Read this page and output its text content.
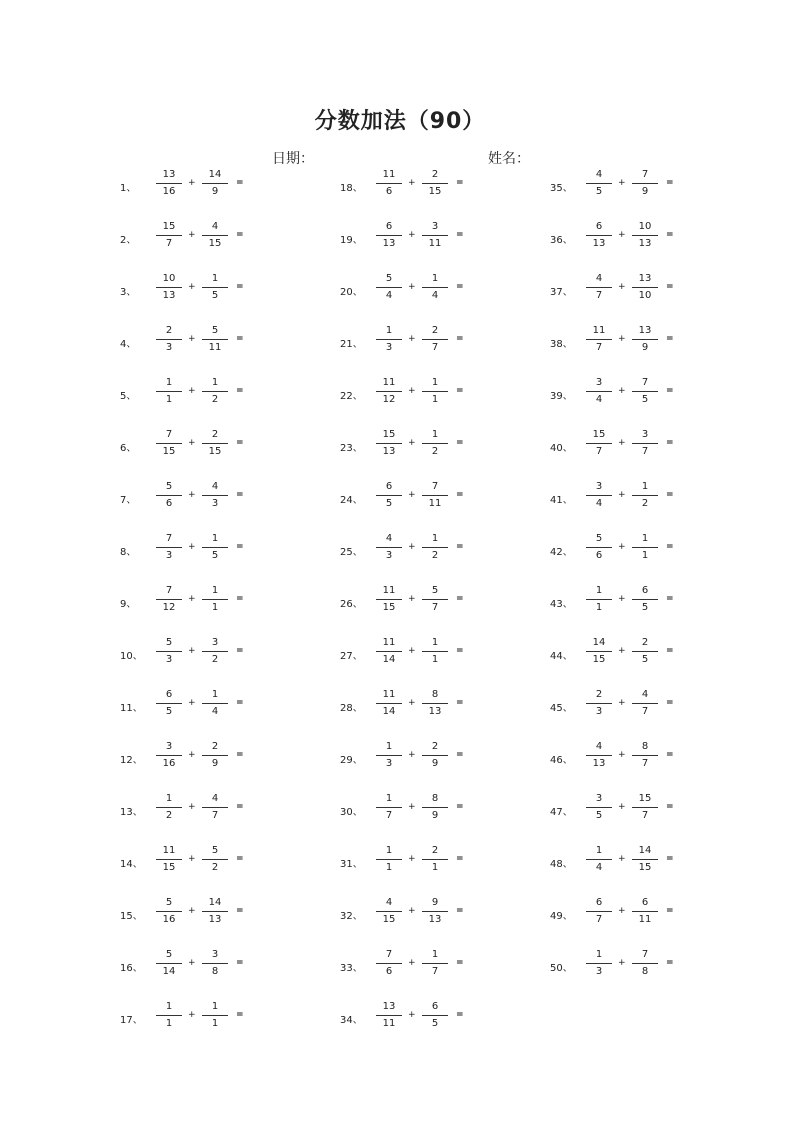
分数加法（90）
日期：	姓名：
1、	$\frac{13}{16} + \frac{14}{9}$ =
2、	$\frac{15}{7} + \frac{4}{15}$ =
3、	$\frac{10}{13} + \frac{1}{5}$ =
4、	$\frac{2}{3} + \frac{5}{11}$ =
5、	$\frac{1}{1} + \frac{1}{2}$ =
6、	$\frac{7}{15} + \frac{2}{15}$ =
7、	$\frac{5}{6} + \frac{4}{3}$ =
8、	$\frac{7}{3} + \frac{1}{5}$ =
9、	$\frac{7}{12} + \frac{1}{1}$ =
10、	$\frac{5}{3} + \frac{3}{2}$ =
11、	$\frac{6}{5} + \frac{1}{4}$ =
12、	$\frac{3}{16} + \frac{2}{9}$ =
13、	$\frac{1}{2} + \frac{4}{7}$ =
14、	$\frac{11}{15} + \frac{5}{2}$ =
15、	$\frac{5}{16} + \frac{14}{13}$ =
16、	$\frac{5}{14} + \frac{3}{8}$ =
17、	$\frac{1}{1} + \frac{1}{1}$ =
18、	$\frac{11}{6} + \frac{2}{15}$ =
19、	$\frac{6}{13} + \frac{3}{11}$ =
20、	$\frac{5}{4} + \frac{1}{4}$ =
21、	$\frac{1}{3} + \frac{2}{7}$ =
22、	$\frac{11}{12} + \frac{1}{1}$ =
23、	$\frac{15}{13} + \frac{1}{2}$ =
24、	$\frac{6}{5} + \frac{7}{11}$ =
25、	$\frac{4}{3} + \frac{1}{2}$ =
26、	$\frac{11}{15} + \frac{5}{7}$ =
27、	$\frac{11}{14} + \frac{1}{1}$ =
28、	$\frac{11}{14} + \frac{8}{13}$ =
29、	$\frac{1}{3} + \frac{2}{9}$ =
30、	$\frac{1}{7} + \frac{8}{9}$ =
31、	$\frac{1}{1} + \frac{2}{1}$ =
32、	$\frac{4}{15} + \frac{9}{13}$ =
33、	$\frac{7}{6} + \frac{1}{7}$ =
34、	$\frac{13}{11} + \frac{6}{5}$ =
35、	$\frac{4}{5} + \frac{7}{9}$ =
36、	$\frac{6}{13} + \frac{10}{13}$ =
37、	$\frac{4}{7} + \frac{13}{10}$ =
38、	$\frac{11}{7} + \frac{13}{9}$ =
39、	$\frac{3}{4} + \frac{7}{5}$ =
40、	$\frac{15}{7} + \frac{3}{7}$ =
41、	$\frac{3}{4} + \frac{1}{2}$ =
42、	$\frac{5}{6} + \frac{1}{1}$ =
43、	$\frac{1}{1} + \frac{6}{5}$ =
44、	$\frac{14}{15} + \frac{2}{5}$ =
45、	$\frac{2}{3} + \frac{4}{7}$ =
46、	$\frac{4}{13} + \frac{8}{7}$ =
47、	$\frac{3}{5} + \frac{15}{7}$ =
48、	$\frac{1}{4} + \frac{14}{15}$ =
49、	$\frac{6}{7} + \frac{6}{11}$ =
50、	$\frac{1}{3} + \frac{7}{8}$ =
